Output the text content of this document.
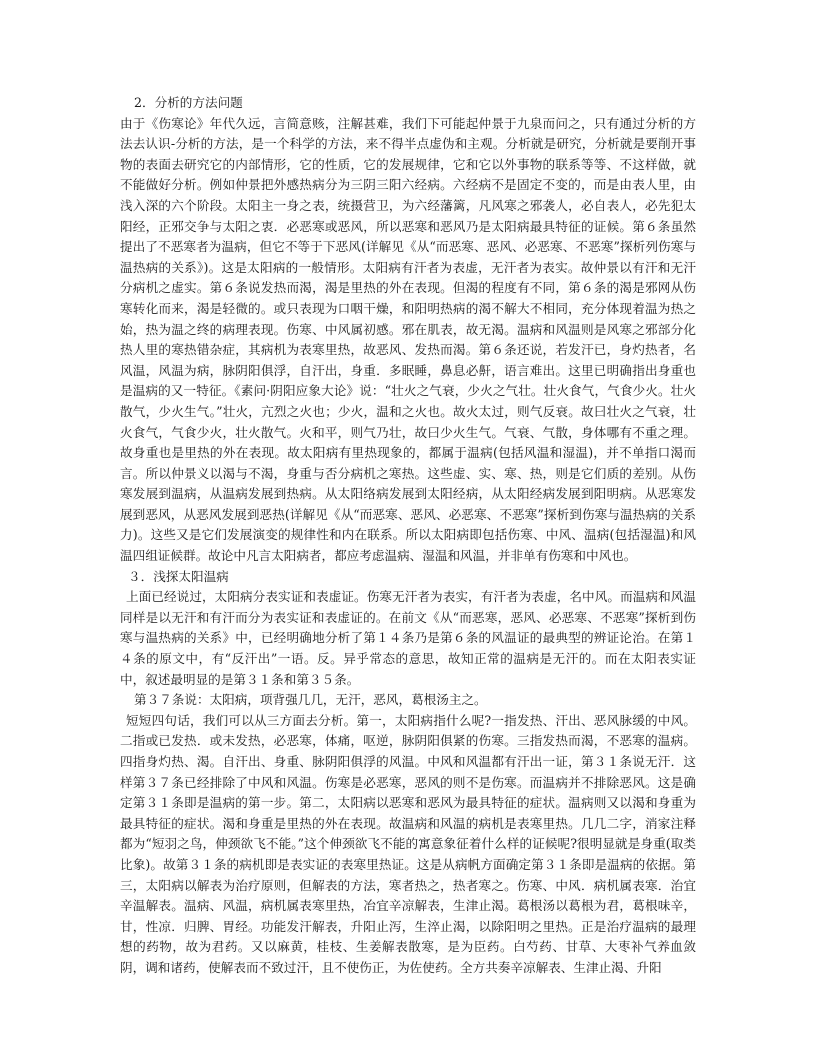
2．分析的方法问题

由于《伤寒论》年代久远，言简意赅，注解甚难，我们下可能起仲景于九泉而问之，只有通过分析的方法去认识-分析的方法，是一个科学的方法，来不得半点虚伪和主观。分析就是研究，分析就是要削开事物的表面去研究它的内部情形，它的性质，它的发展规律，它和它以外事物的联系等等、不这样做，就不能做好分析。例如仲景把外感热病分为三阴三阳六经病。六经病不是固定不变的，而是由表人里，由浅入深的六个阶段。太阳主一身之表，统摄营卫，为六经藩篱，凡风寒之邪袭人，必自表人，必先犯太阳经，正邪交争与太阳之衷．必恶寒或恶风，所以恶寒和恶风乃是太阳病最具特征的证候。第６条虽然提出了不恶寒者为温病，但它不等于下恶风(详解见《从“而恶寒、恶风、必恶寒、不恶寒”探析列伤寒与温热病的关系》)。这是太阳病的一般情形。太阳病有汗者为表虚，无汗者为表实。故仲景以有汗和无汗分病机之虚实。第６条说发热而渴，渴是里热的外在表现。但渴的程度有不同，第６条的渴是邪网从伤寒转化而来，渴是轻微的。或只表现为口咽干燥，和阳明热病的渴不解大不相同，充分体现着温为热之始，热为温之终的病理表现。伤寒、中风属初感。邪在肌表，故无渴。温病和风温则是风寒之邪部分化热人里的寒热错杂症，其病机为表寒里热，故恶风、发热而渴。第６条还说，若发汗已，身灼热者，名风温，风温为病，脉阴阳俱浮，自汗出，身重．多眠睡，鼻息必鼾，语言难出。这里已明确指出身重也是温病的又一特征。《素问·阴阳应象大论》说：“壮火之气衰，少火之气壮。壮火食气，气食少火。壮火散气，少火生气。”壮火，亢烈之火也；少火，温和之火也。故火太过，则气反衰。故曰壮火之气衰，壮火食气，气食少火，壮火散气。火和平，则气乃壮，故曰少火生气。气衰、气散，身体哪有不重之理。故身重也是里热的外在表现。故太阳病有里热现象的，都属于温病(包括风温和湿温)，并不单指口渴而言。所以仲景义以渴与不渴，身重与否分病机之寒热。这些虚、实、寒、热，则是它们质的差别。从伤寒发展到温病，从温病发展到热病。从太阳络病发展到太阳经病，从太阳经病发展到阳明病。从恶寒发展到恶风，从恶风发展到恶热(详解见《从“而恶寒、恶风、必恶寒、不恶寒”探析到伤寒与温热病的关系力)。这些又是它们发展演变的规律性和内在联系。所以太阳病即包括伤寒、中风、温病(包括湿温)和风温四组证候群。故论中凡言太阳病者，都应考虑温病、湿温和风温，并非单有伤寒和中风也。

３．浅探太阳温病

上面已经说过，太阳病分表实证和表虚证。伤寒无汗者为表实，有汗者为表虚，名中风。而温病和风温同样是以无汗和有汗而分为表实证和表虚证的。在前文《从“而恶寒，恶风、必恶寒、不恶寒”探析到伤寒与温热病的关系》中，已经明确地分析了第１４条乃是第６条的风温证的最典型的辨证论治。在第１４条的原文中，有“反汗出”一语。反。异乎常态的意思，故知正常的温病是无汗的。而在太阳表实证中，叙述最明显的是第３１条和第３５条。

第３７条说：太阳病，项背强几几，无汗，恶风，葛根汤主之。

短短四句话，我们可以从三方面去分析。第一，太阳病指什么呢?一指发热、汗出、恶风脉缓的中风。二指或已发热．或未发热，必恶寒，体痛，呕逆，脉阴阳俱紧的伤寒。三指发热而渴，不恶寒的温病。四指身灼热、渴。自汗出、身重、脉阴阳俱浮的风温。中风和风温都有汗出一证，第３１条说无汗．这样第３７条已经排除了中风和风温。伤寒是必恶寒，恶风的则不是伤寒。而温病并不排除恶风。这是确定第３１条即是温病的第一步。第二，太阳病以恶寒和恶风为最具特征的症状。温病则又以渴和身重为最具特征的症状。渴和身重是里热的外在表现。故温病和风温的病机是表寒里热。几几二字，消家注释都为“短羽之鸟，伸颈欲飞不能。”这个伸颈欲飞不能的寓意象征着什么样的证候呢?很明显就是身重(取类比象)。故第３１条的病机即是表实证的表寒里热证。这是从病帆方面确定第３１条即是温病的依据。第三，太阳病以解表为治疗原则，但解表的方法，寒者热之，热者寒之。伤寒、中风．病机属表寒．治宜辛温解表。温病、风温，病机属表寒里热，冶宜辛凉解表，生津止渴。葛根汤以葛根为君，葛根味辛，甘，性凉．归脾、胃经。功能发汗解表，升阳止泻，生淬止渴，以除阳明之里热。正是治疗温病的最理想的药物，故为君药。又以麻黄，桂枝、生姜解表散寒，是为臣药。白芍药、甘草、大枣补气养血敛阴，调和诸药，使解表而不致过汗，且不使伤正，为佐使药。全方共奏辛凉解表、生津止渴、升阳
